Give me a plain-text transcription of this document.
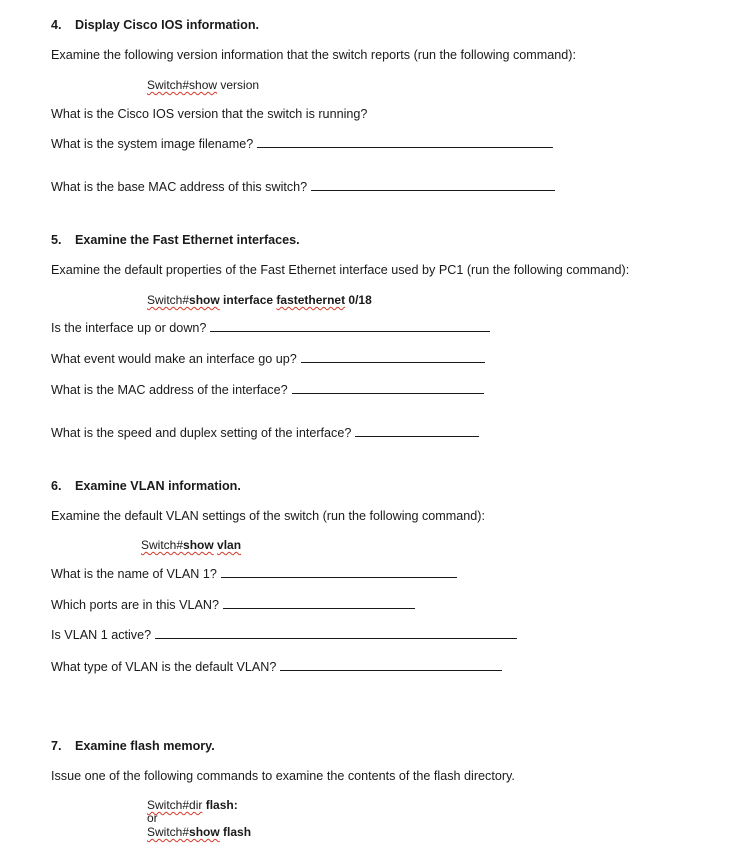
4. Display Cisco IOS information.
Examine the following version information that the switch reports (run the following command):
Switch#show version
What is the Cisco IOS version that the switch is running?
What is the system image filename?
What is the base MAC address of this switch?
5. Examine the Fast Ethernet interfaces.
Examine the default properties of the Fast Ethernet interface used by PC1 (run the following command):
Switch#show interface fastethernet 0/18
Is the interface up or down?
What event would make an interface go up?
What is the MAC address of the interface?
What is the speed and duplex setting of the interface?
6. Examine VLAN information.
Examine the default VLAN settings of the switch (run the following command):
Switch#show vlan
What is the name of VLAN 1?
Which ports are in this VLAN?
Is VLAN 1 active?
What type of VLAN is the default VLAN?
7. Examine flash memory.
Issue one of the following commands to examine the contents of the flash directory.
Switch#dir flash:
or
Switch#show flash
